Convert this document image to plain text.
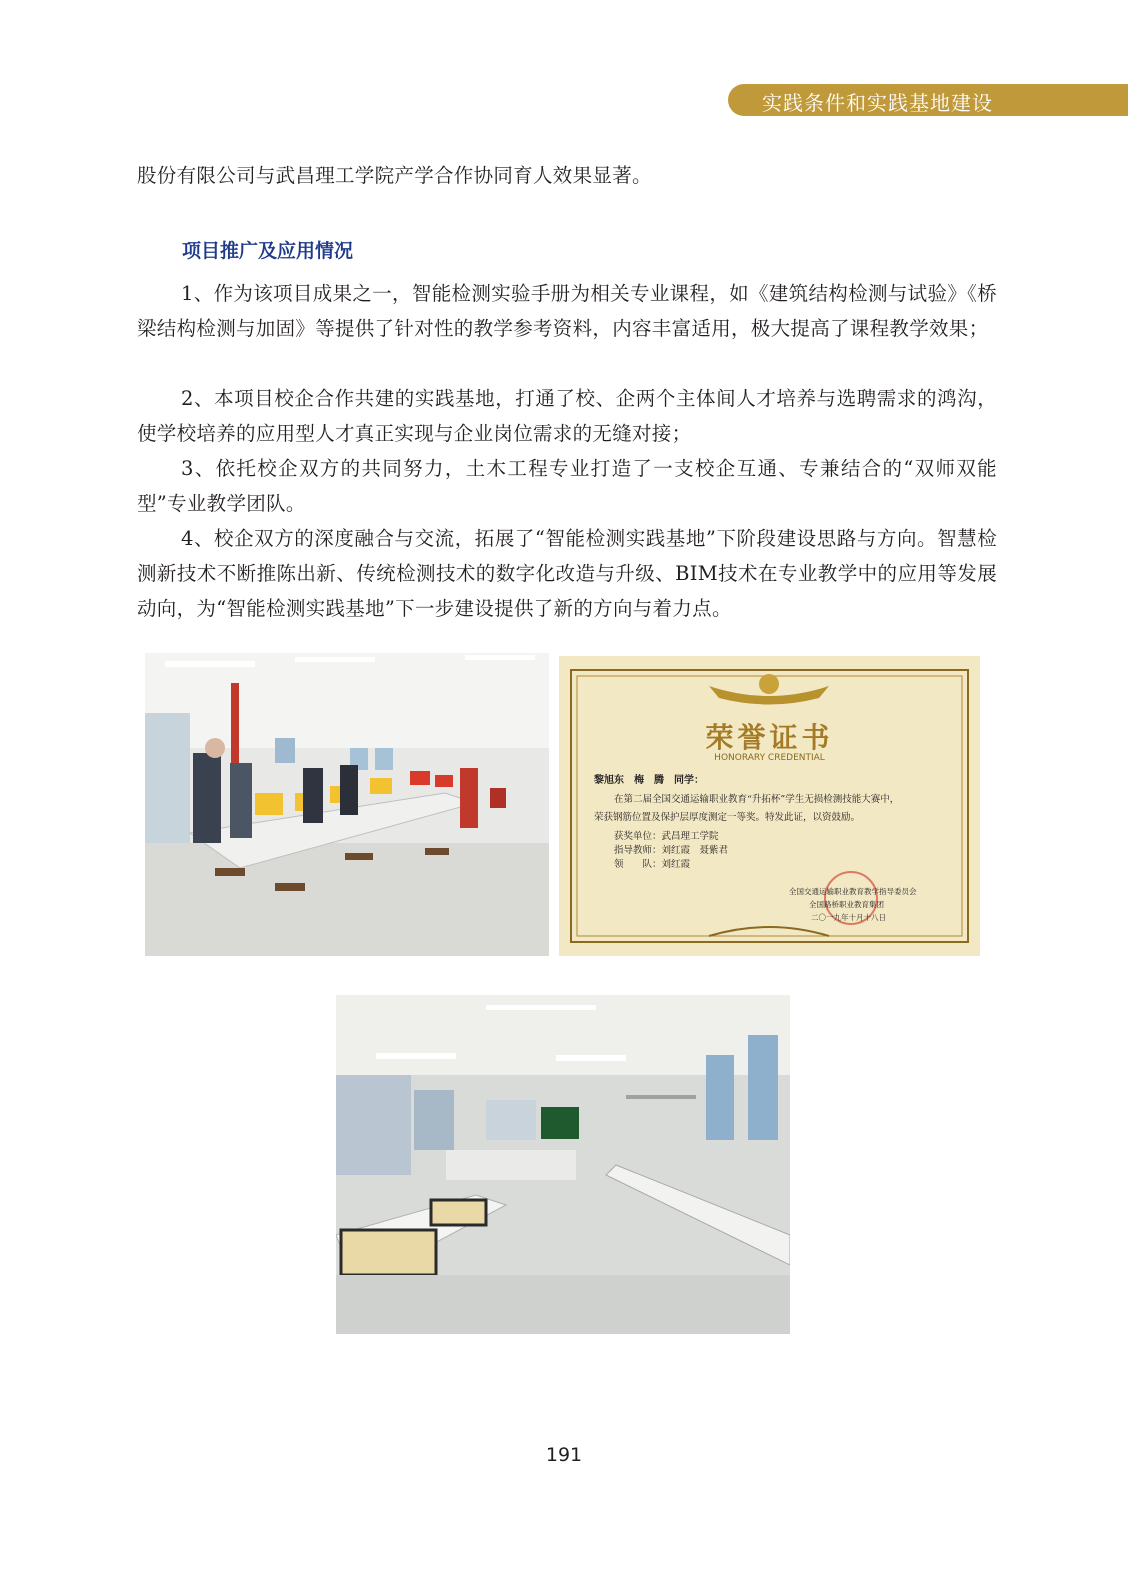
实践条件和实践基地建设

股份有限公司与武昌理工学院产学合作协同育人效果显著。

项目推广及应用情况

1、作为该项目成果之一，智能检测实验手册为相关专业课程，如《建筑结构检测与试验》《桥梁结构检测与加固》等提供了针对性的教学参考资料，内容丰富适用，极大提高了课程教学效果；

2、本项目校企合作共建的实践基地，打通了校、企两个主体间人才培养与选聘需求的鸿沟，使学校培养的应用型人才真正实现与企业岗位需求的无缝对接；

3、依托校企双方的共同努力，土木工程专业打造了一支校企互通、专兼结合的“双师双能型”专业教学团队。

4、校企双方的深度融合与交流，拓展了“智能检测实践基地”下阶段建设思路与方向。智慧检测新技术不断推陈出新、传统检测技术的数字化改造与升级、BIM技术在专业教学中的应用等发展动向，为“智能检测实践基地”下一步建设提供了新的方向与着力点。

荣誉证书
HONORARY CREDENTIAL
黎旭东　梅　腾　同学：
在第二届全国交通运输职业教育“升拓杯”学生无损检测技能大赛中，
荣获钢筋位置及保护层厚度测定一等奖。特发此证，以资鼓励。
获奖单位：武昌理工学院
指导教师：刘红霞　聂紫君
领　　队：刘红霞
全国交通运输职业教育教学指导委员会
全国路桥职业教育集团
二〇一九年十月十八日
191
